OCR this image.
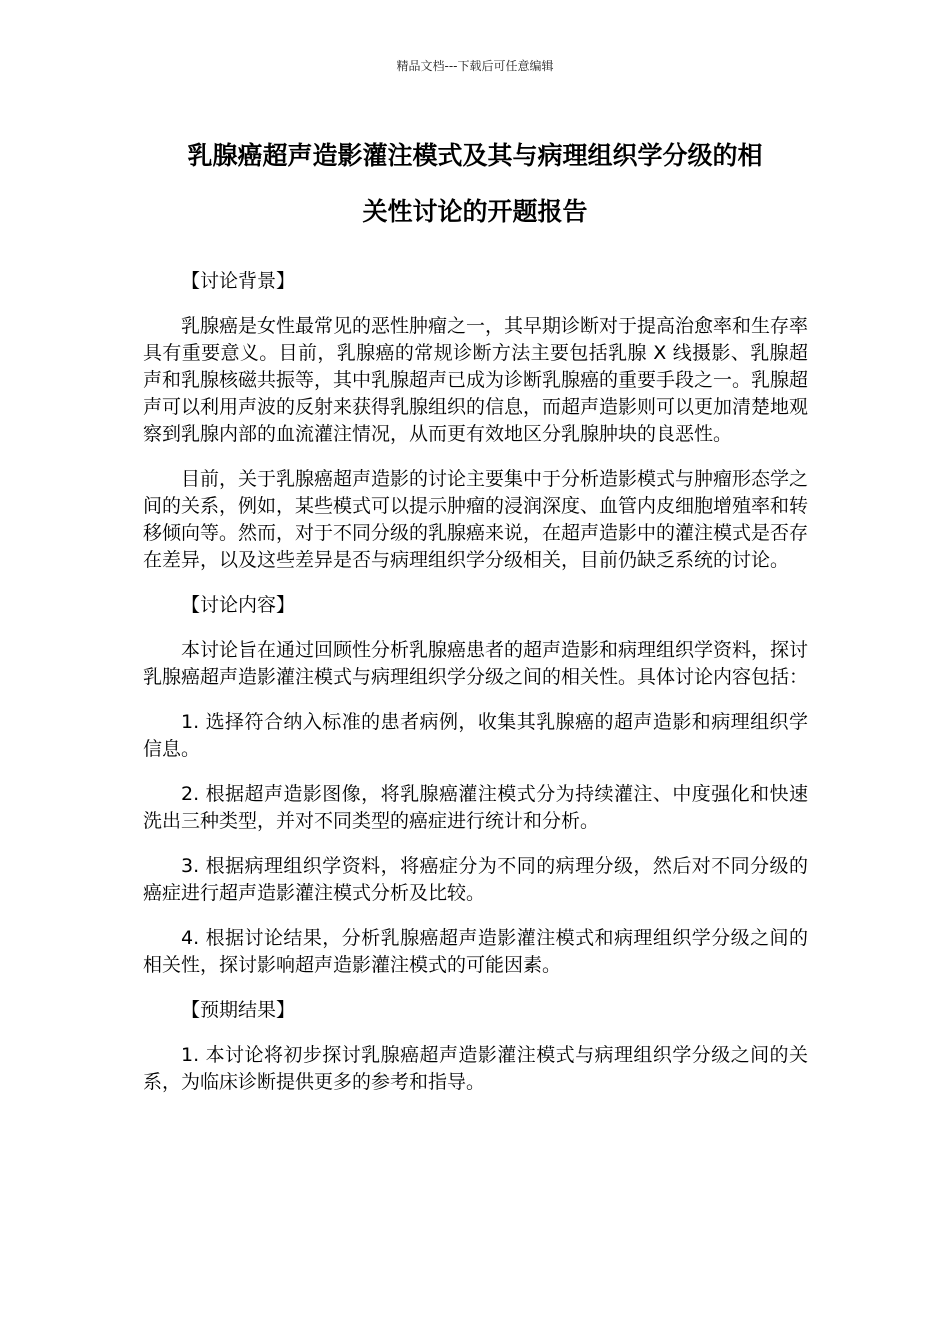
精品文档---下载后可任意编辑
乳腺癌超声造影灌注模式及其与病理组织学分级的相
关性讨论的开题报告

【讨论背景】

乳腺癌是女性最常见的恶性肿瘤之一，其早期诊断对于提高治愈率和生存率具有重要意义。目前，乳腺癌的常规诊断方法主要包括乳腺 X 线摄影、乳腺超声和乳腺核磁共振等，其中乳腺超声已成为诊断乳腺癌的重要手段之一。乳腺超声可以利用声波的反射来获得乳腺组织的信息，而超声造影则可以更加清楚地观察到乳腺内部的血流灌注情况，从而更有效地区分乳腺肿块的良恶性。

目前，关于乳腺癌超声造影的讨论主要集中于分析造影模式与肿瘤形态学之间的关系，例如，某些模式可以提示肿瘤的浸润深度、血管内皮细胞增殖率和转移倾向等。然而，对于不同分级的乳腺癌来说，在超声造影中的灌注模式是否存在差异，以及这些差异是否与病理组织学分级相关，目前仍缺乏系统的讨论。

【讨论内容】

本讨论旨在通过回顾性分析乳腺癌患者的超声造影和病理组织学资料，探讨乳腺癌超声造影灌注模式与病理组织学分级之间的相关性。具体讨论内容包括：

1. 选择符合纳入标准的患者病例，收集其乳腺癌的超声造影和病理组织学信息。

2. 根据超声造影图像，将乳腺癌灌注模式分为持续灌注、中度强化和快速洗出三种类型，并对不同类型的癌症进行统计和分析。

3. 根据病理组织学资料，将癌症分为不同的病理分级，然后对不同分级的癌症进行超声造影灌注模式分析及比较。

4. 根据讨论结果，分析乳腺癌超声造影灌注模式和病理组织学分级之间的相关性，探讨影响超声造影灌注模式的可能因素。

【预期结果】

1. 本讨论将初步探讨乳腺癌超声造影灌注模式与病理组织学分级之间的关系，为临床诊断提供更多的参考和指导。
